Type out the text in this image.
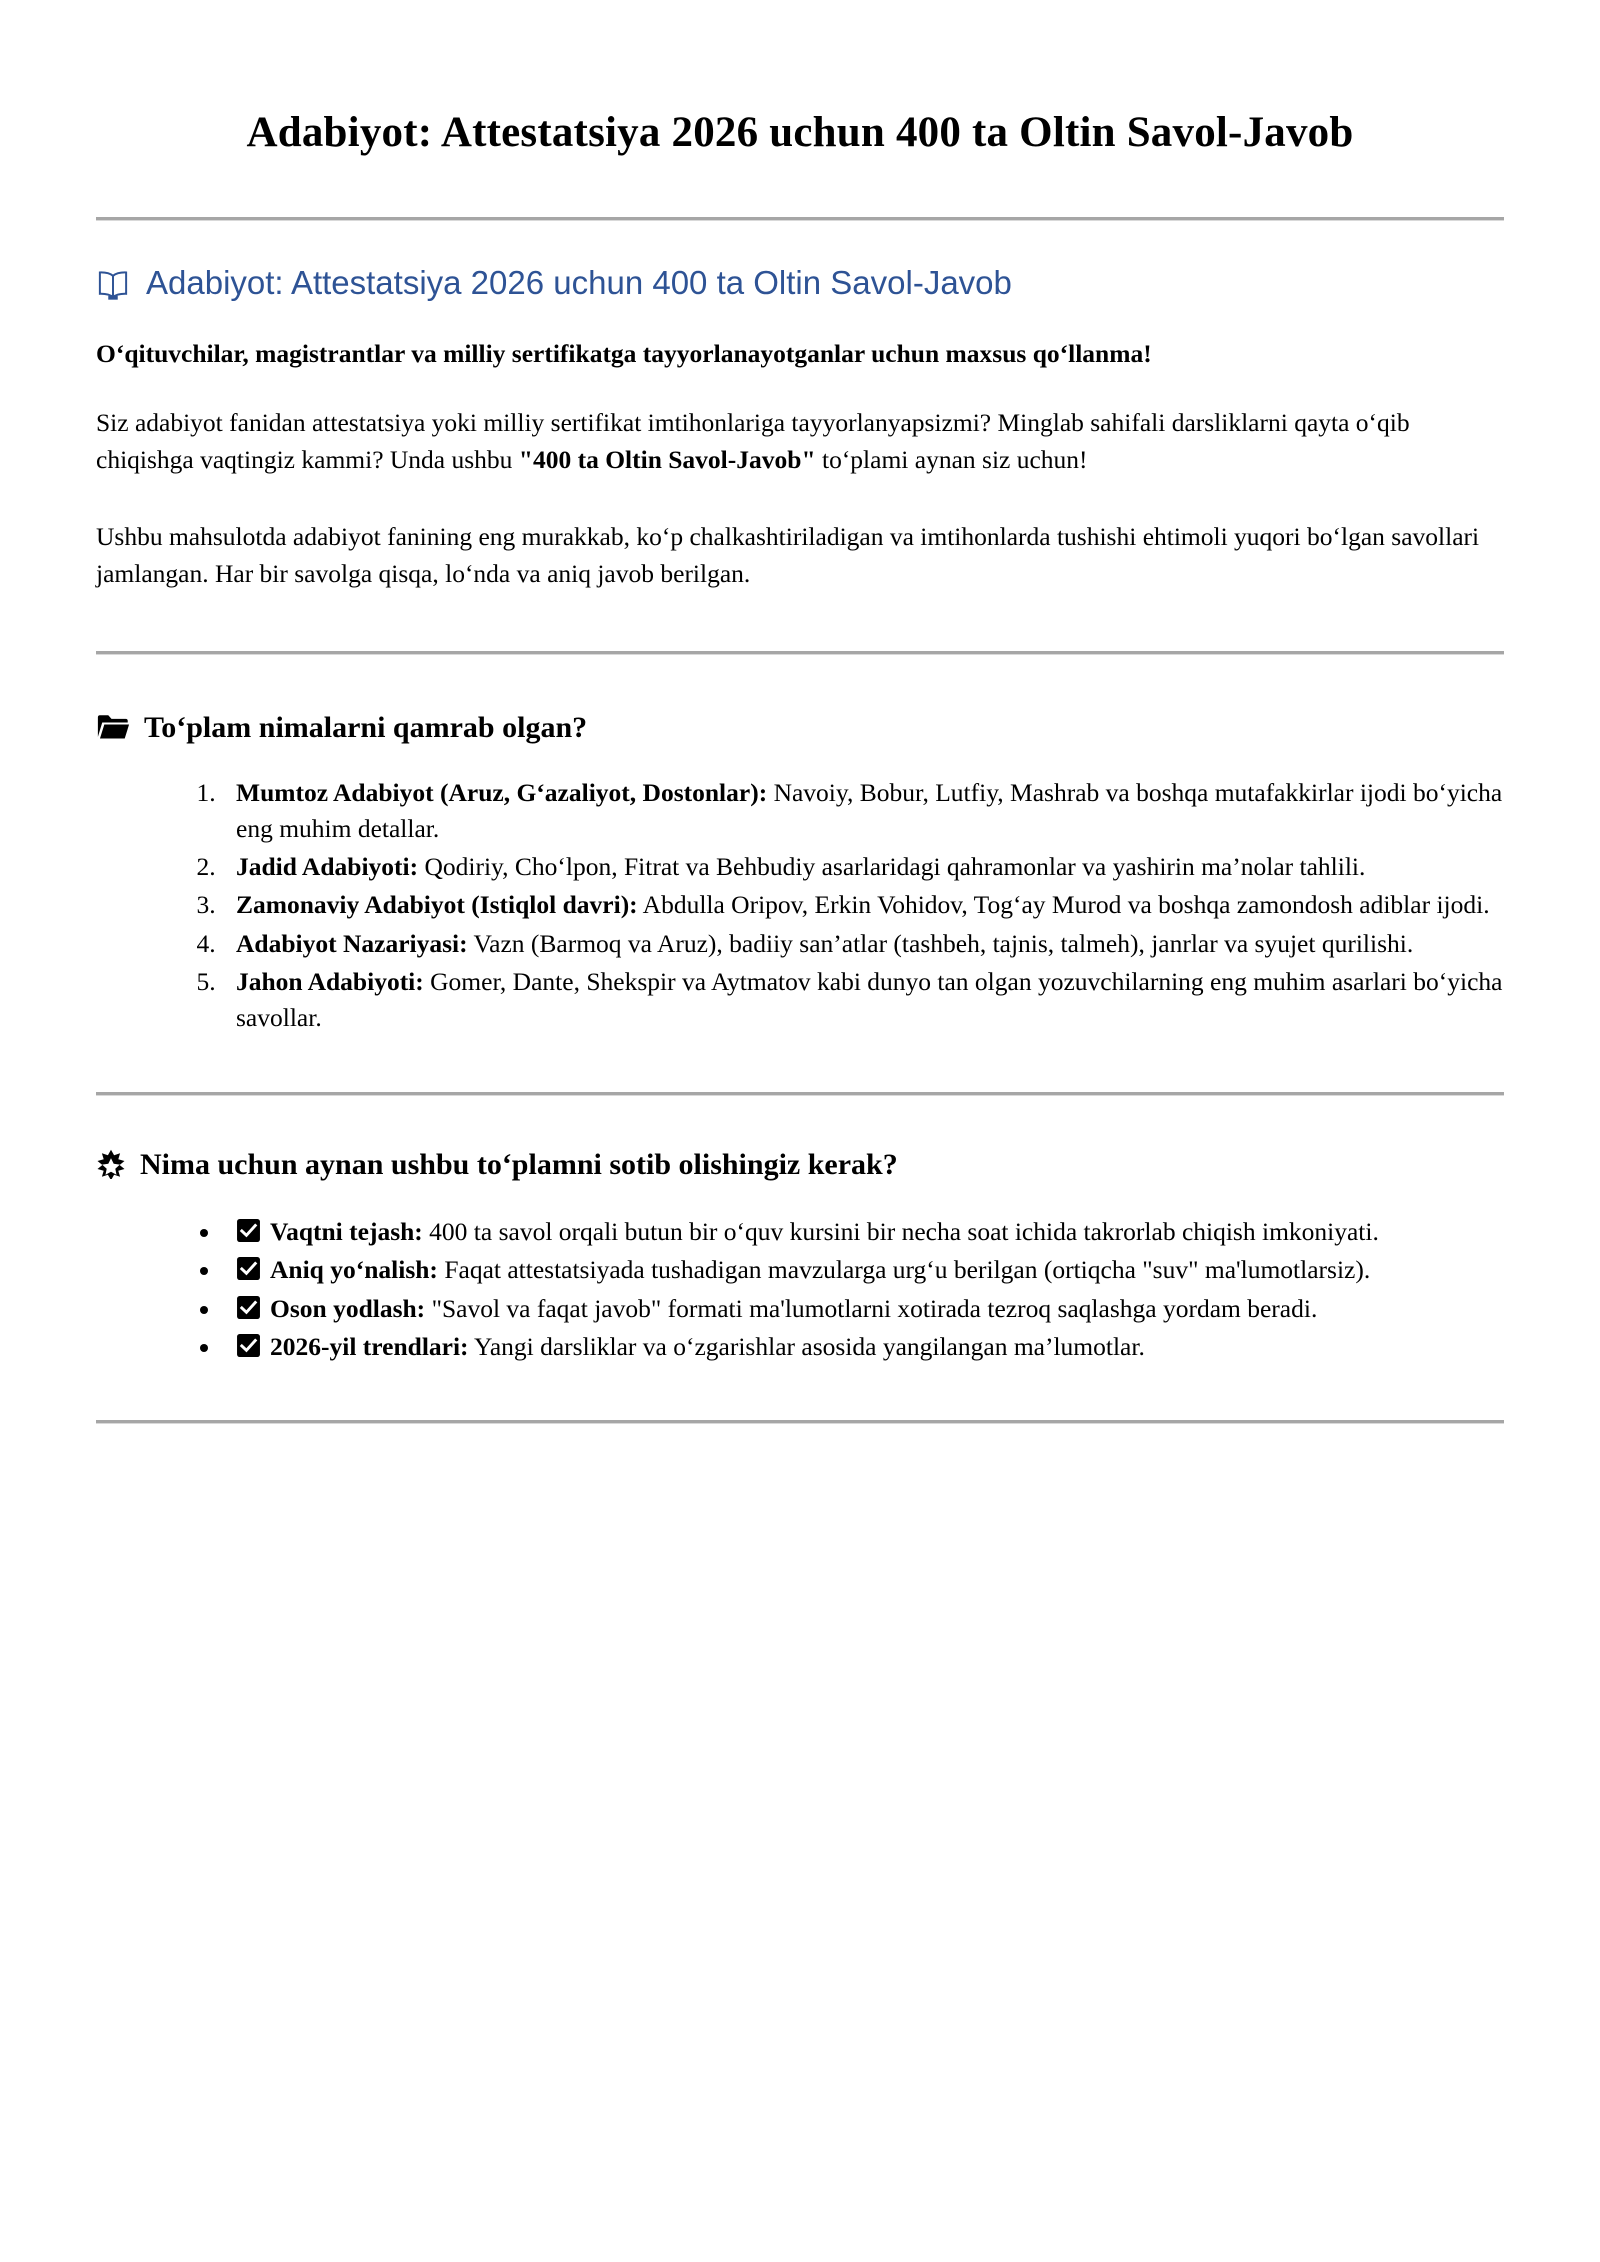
Adabiyot: Attestatsiya 2026 uchun 400 ta Oltin Savol-Javob
Adabiyot: Attestatsiya 2026 uchun 400 ta Oltin Savol-Javob

O‘qituvchilar, magistrantlar va milliy sertifikatga tayyorlanayotganlar uchun maxsus qo‘llanma!

Siz adabiyot fanidan attestatsiya yoki milliy sertifikat imtihonlariga tayyorlanyapsizmi? Minglab sahifali darsliklarni qayta o‘qib chiqishga vaqtingiz kammi? Unda ushbu "400 ta Oltin Savol-Javob" to‘plami aynan siz uchun!

Ushbu mahsulotda adabiyot fanining eng murakkab, ko‘p chalkashtiriladigan va imtihonlarda tushishi ehtimoli yuqori bo‘lgan savollari jamlangan. Har bir savolga qisqa, lo‘nda va aniq javob berilgan.

To‘plam nimalarni qamrab olgan?
1. Mumtoz Adabiyot (Aruz, G‘azaliyot, Dostonlar): Navoiy, Bobur, Lutfiy, Mashrab va boshqa mutafakkirlar ijodi bo‘yicha eng muhim detallar.
2. Jadid Adabiyoti: Qodiriy, Cho‘lpon, Fitrat va Behbudiy asarlaridagi qahramonlar va yashirin ma’nolar tahlili.
3. Zamonaviy Adabiyot (Istiqlol davri): Abdulla Oripov, Erkin Vohidov, Tog‘ay Murod va boshqa zamondosh adiblar ijodi.
4. Adabiyot Nazariyasi: Vazn (Barmoq va Aruz), badiiy san’atlar (tashbeh, tajnis, talmeh), janrlar va syujet qurilishi.
5. Jahon Adabiyoti: Gomer, Dante, Shekspir va Aytmatov kabi dunyo tan olgan yozuvchilarning eng muhim asarlari bo‘yicha savollar.
Nima uchun aynan ushbu to‘plamni sotib olishingiz kerak?
• Vaqtni tejash: 400 ta savol orqali butun bir o‘quv kursini bir necha soat ichida takrorlab chiqish imkoniyati.
• Aniq yo‘nalish: Faqat attestatsiyada tushadigan mavzularga urg‘u berilgan (ortiqcha "suv" ma'lumotlarsiz).
• Oson yodlash: "Savol va faqat javob" formati ma'lumotlarni xotirada tezroq saqlashga yordam beradi.
• 2026-yil trendlari: Yangi darsliklar va o‘zgarishlar asosida yangilangan ma’lumotlar.
